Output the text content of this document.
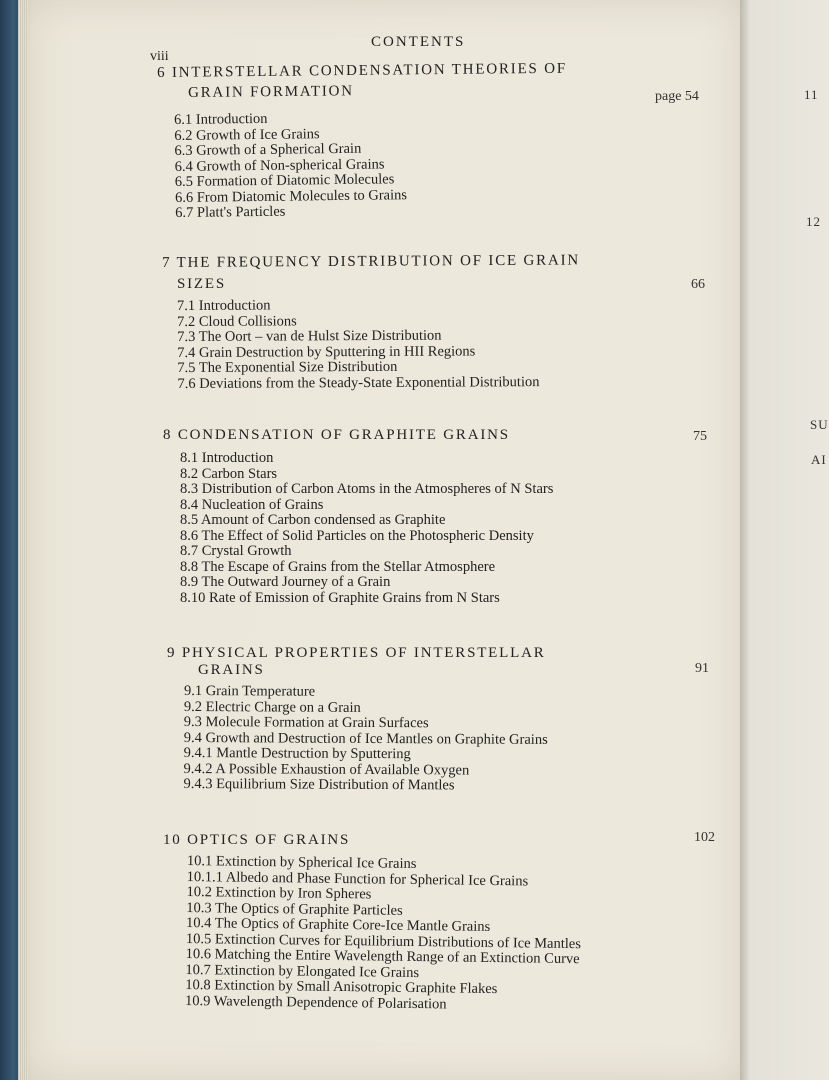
11
12
SU
AI
viii
CONTENTS
6 INTERSTELLAR CONDENSATION THEORIES OF
GRAIN FORMATION	page 54
6.1 Introduction
6.2 Growth of Ice Grains
6.3 Growth of a Spherical Grain
6.4 Growth of Non-spherical Grains
6.5 Formation of Diatomic Molecules
6.6 From Diatomic Molecules to Grains
6.7 Platt's Particles
7 THE FREQUENCY DISTRIBUTION OF ICE GRAIN
SIZES	66
7.1 Introduction
7.2 Cloud Collisions
7.3 The Oort – van de Hulst Size Distribution
7.4 Grain Destruction by Sputtering in HII Regions
7.5 The Exponential Size Distribution
7.6 Deviations from the Steady-State Exponential Distribution
8 CONDENSATION OF GRAPHITE GRAINS	75
8.1 Introduction
8.2 Carbon Stars
8.3 Distribution of Carbon Atoms in the Atmospheres of N Stars
8.4 Nucleation of Grains
8.5 Amount of Carbon condensed as Graphite
8.6 The Effect of Solid Particles on the Photospheric Density
8.7 Crystal Growth
8.8 The Escape of Grains from the Stellar Atmosphere
8.9 The Outward Journey of a Grain
8.10 Rate of Emission of Graphite Grains from N Stars
9 PHYSICAL PROPERTIES OF INTERSTELLAR
GRAINS	91
9.1 Grain Temperature
9.2 Electric Charge on a Grain
9.3 Molecule Formation at Grain Surfaces
9.4 Growth and Destruction of Ice Mantles on Graphite Grains
9.4.1 Mantle Destruction by Sputtering
9.4.2 A Possible Exhaustion of Available Oxygen
9.4.3 Equilibrium Size Distribution of Mantles
10 OPTICS OF GRAINS	102
10.1 Extinction by Spherical Ice Grains
10.1.1 Albedo and Phase Function for Spherical Ice Grains
10.2 Extinction by Iron Spheres
10.3 The Optics of Graphite Particles
10.4 The Optics of Graphite Core-Ice Mantle Grains
10.5 Extinction Curves for Equilibrium Distributions of Ice Mantles
10.6 Matching the Entire Wavelength Range of an Extinction Curve
10.7 Extinction by Elongated Ice Grains
10.8 Extinction by Small Anisotropic Graphite Flakes
10.9 Wavelength Dependence of Polarisation
